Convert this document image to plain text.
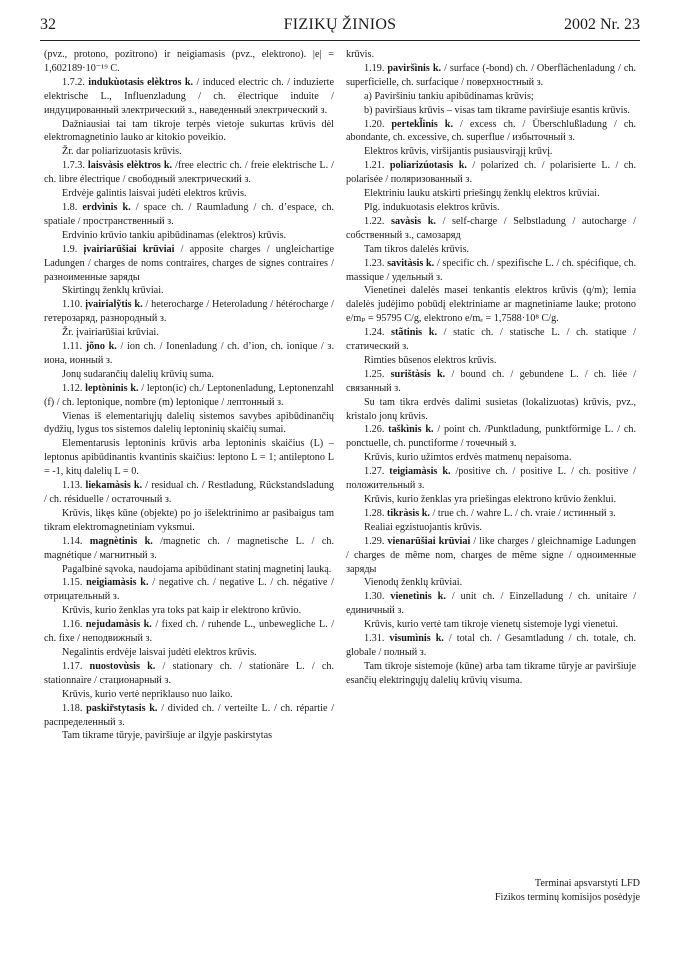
32	FIZIKŲ ŽINIOS	2002 Nr. 23

(pvz., protono, pozitrono) ir neigiamasis (pvz., elektrono). |e| = 1,602189·10⁻¹⁹ C.

1.7.2. indukùotasis elèktros k. / induced electric ch. / induzierte elektrische L., Influenzladung / ch. électrique induite / индуцированный электрический з., наведенный электрический з.

Dažniausiai tai tam tikroje terpės vietoje sukurtas krūvis dėl elektromagnetinio lauko ar kitokio poveikio.

Žr. dar poliarizuotasis krūvis.

1.7.3. laisvàsis elèktros k. /free electric ch. / freie elektrische L. / ch. libre électrique / свободный электрический з.

Erdvėje galintis laisvai judėti elektros krūvis.

1.8. erdvìnis k. / space ch. / Raumladung / ch. d’espace, ch. spatiale / пространственный з.

Erdvinio krūvio tankiu apibūdinamas (elektros) krūvis.

1.9. įvairiarūšiai krūviai / apposite charges / ungleichartige Ladungen / charges de noms contraires, charges de signes contraires / разноименные заряды

Skirtingų ženklų krūviai.

1.10. įvairialỹtis k. / heterocharge / Heteroladung / hétérocharge / гетерозаряд, разнородный з.

Žr. įvairiarūšiai krūviai.

1.11. jõno k. / ion ch. / Ionenladung / ch. d’ion, ch. ionique / з. иона, ионный з.

Jonų sudarančių dalelių krūvių suma.

1.12. leptòninis k. / lepton(ic) ch./ Leptonenladung, Leptonenzahl (f) / ch. leptonique, nombre (m) leptonique / лептонный з.

Vienas iš elementariųjų dalelių sistemos savybes apibūdinančių dydžių, lygus tos sistemos dalelių leptoninių skaičių sumai.

Elementarusis leptoninis krūvis arba leptoninis skaičius (L) – leptonus apibūdinantis kvantinis skaičius: leptono L = 1; antileptono L = -1, kitų dalelių L = 0.

1.13. liekamàsis k. / residual ch. / Restladung, Rückstandsladung / ch. résiduelle / остаточный з.

Krūvis, likęs kūne (objekte) po jo išelektrinimo ar pasibaigus tam tikram elektromagnetiniam vyksmui.

1.14. magnètinis k. /magnetic ch. / magnetische L. / ch. magnétique / магнитный з.

Pagalbinė sąvoka, naudojama apibūdinant statinį magnetinį lauką.

1.15. neigiamàsis k. / negative ch. / negative L. / ch. négative / отрицательный з.

Krūvis, kurio ženklas yra toks pat kaip ir elektrono krūvio.

1.16. nejudamàsis k. / fixed ch. / ruhende L., unbewegliche L. / ch. fixe / неподвижный з.

Negalintis erdvėje laisvai judėti elektros krūvis.

1.17. nuostovùsis k. / stationary ch. / stationäre L. / ch. stationnaire / стационарный з.

Krūvis, kurio vertė nepriklauso nuo laiko.

1.18. paskir̃stytasis k. / divided ch. / verteilte L. / ch. répartie / распределенный з.

Tam tikrame tūryje, paviršiuje ar ilgyje paskirstytas

krūvis.

1.19. paviršìnis k. / surface (-bond) ch. / Oberflächenladung / ch. superficielle, ch. surfacique / поверхностный з.

a) Paviršiniu tankiu apibūdinamas krūvis;

b) paviršiaus krūvis – visas tam tikrame paviršiuje esantis krūvis.

1.20. pertekl̃inis k. / excess ch. / Überschlußladung / ch. abondante, ch. excessive, ch. superflue / избыточный з.

Elektros krūvis, viršijantis pusiausvirąjį krūvį.

1.21. poliarizúotasis k. / polarized ch. / polarisierte L. / ch. polarisée / поляризованный з.

Elektriniu lauku atskirti priešingų ženklų elektros krūviai.

Plg. indukuotasis elektros krūvis.

1.22. savàsis k. / self-charge / Selbstladung / autocharge / собственный з., самозаряд

Tam tikros dalelės krūvis.

1.23. savitàsis k. / specific ch. / spezifische L. / ch. spécifique, ch. massique / удельный з.

Vienetinei dalelės masei tenkantis elektros krūvis (q/m); lemia dalelės judėjimo pobūdį elektriniame ar magnetiniame lauke; protono e/mₚ = 95795 C/g, elektrono e/mₑ = 1,7588·10⁸ C/g.

1.24. stãtinis k. / static ch. / statische L. / ch. statique / статический з.

Rimties būsenos elektros krūvis.

1.25. surištàsis k. / bound ch. / gebundene L. / ch. liée / связанный з.

Su tam tikra erdvės dalimi susietas (lokalizuotas) krūvis, pvz., kristalo jonų krūvis.

1.26. taškìnis k. / point ch. /Punktladung, punktförmige L. / ch. ponctuelle, ch. punctiforme / точечный з.

Krūvis, kurio užimtos erdvės matmenų nepaisoma.

1.27. teigiamàsis k. /positive ch. / positive L. / ch. positive / положительный з.

Krūvis, kurio ženklas yra priešingas elektrono krūvio ženklui.

1.28. tikràsis k. / true ch. / wahre L. / ch. vraie / истинный з.

Realiai egzistuojantis krūvis.

1.29. vienarūšiai krūviai / like charges / gleichnamige Ladungen / charges de même nom, charges de même signe / одноименные заряды

Vienodų ženklų krūviai.

1.30. vienetìnis k. / unit ch. / Einzelladung / ch. unitaire / единичный з.

Krūvis, kurio vertė tam tikroje vienetų sistemoje lygi vienetui.

1.31. visumìnis k. / total ch. / Gesamtladung / ch. totale, ch. globale / полный з.

Tam tikroje sistemoje (kūne) arba tam tikrame tūryje ar paviršiuje esančių elektringųjų dalelių krūvių visuma.

Terminai apsvarstyti LFD
Fizikos terminų komisijos posėdyje
